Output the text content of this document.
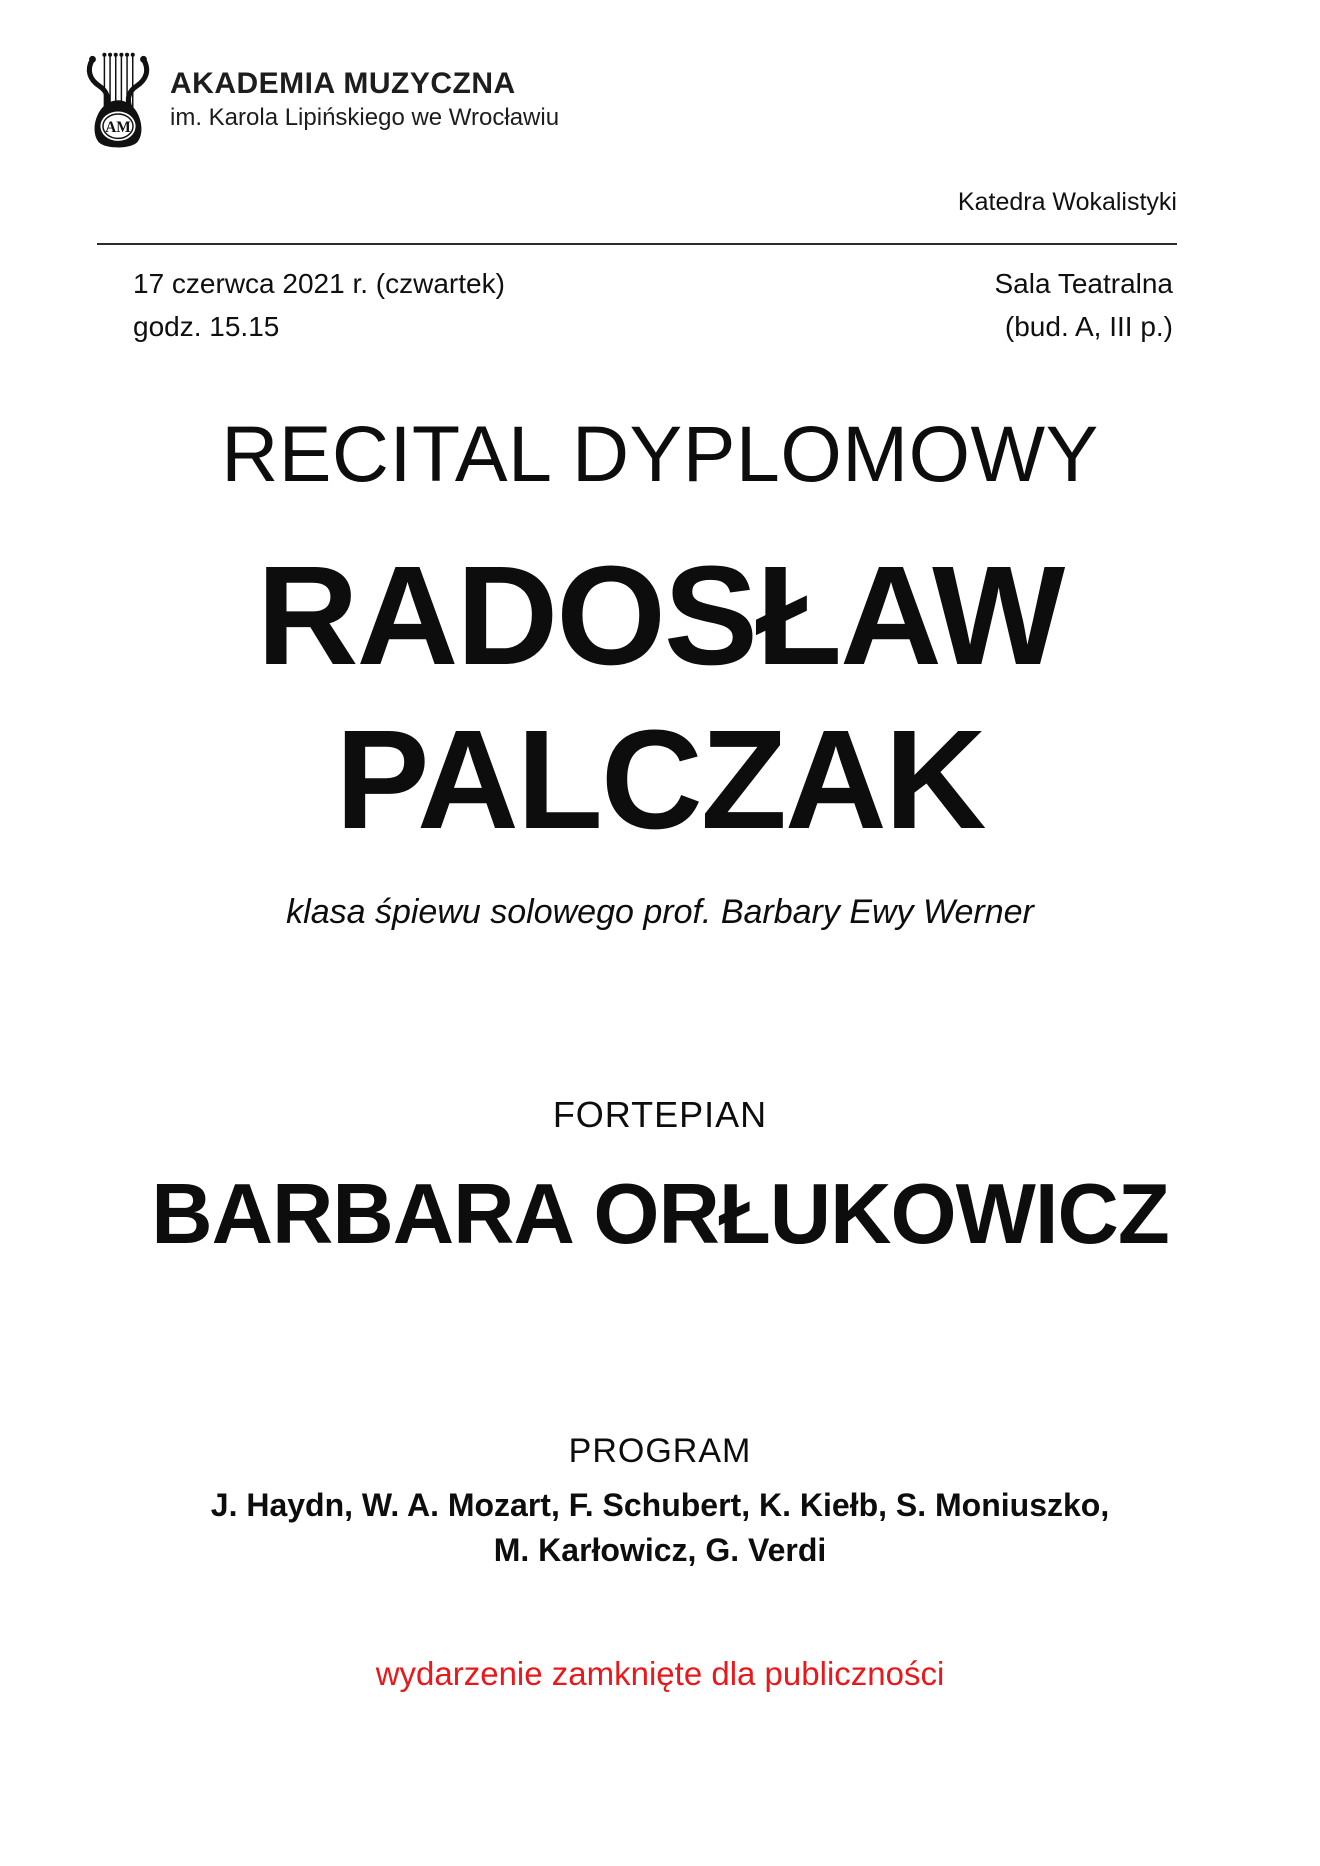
AM
AKADEMIA MUZYCZNA
im. Karola Lipińskiego we Wrocławiu
Katedra Wokalistyki
17 czerwca 2021 r. (czwartek)
godz. 15.15
Sala Teatralna
(bud. A, III p.)
RECITAL DYPLOMOWY
RADOSŁAW
PALCZAK
klasa śpiewu solowego prof. Barbary Ewy Werner
FORTEPIAN
BARBARA ORŁUKOWICZ
PROGRAM
J. Haydn, W. A. Mozart, F. Schubert, K. Kiełb, S. Moniuszko,
M. Karłowicz, G. Verdi
wydarzenie zamknięte dla publiczności
